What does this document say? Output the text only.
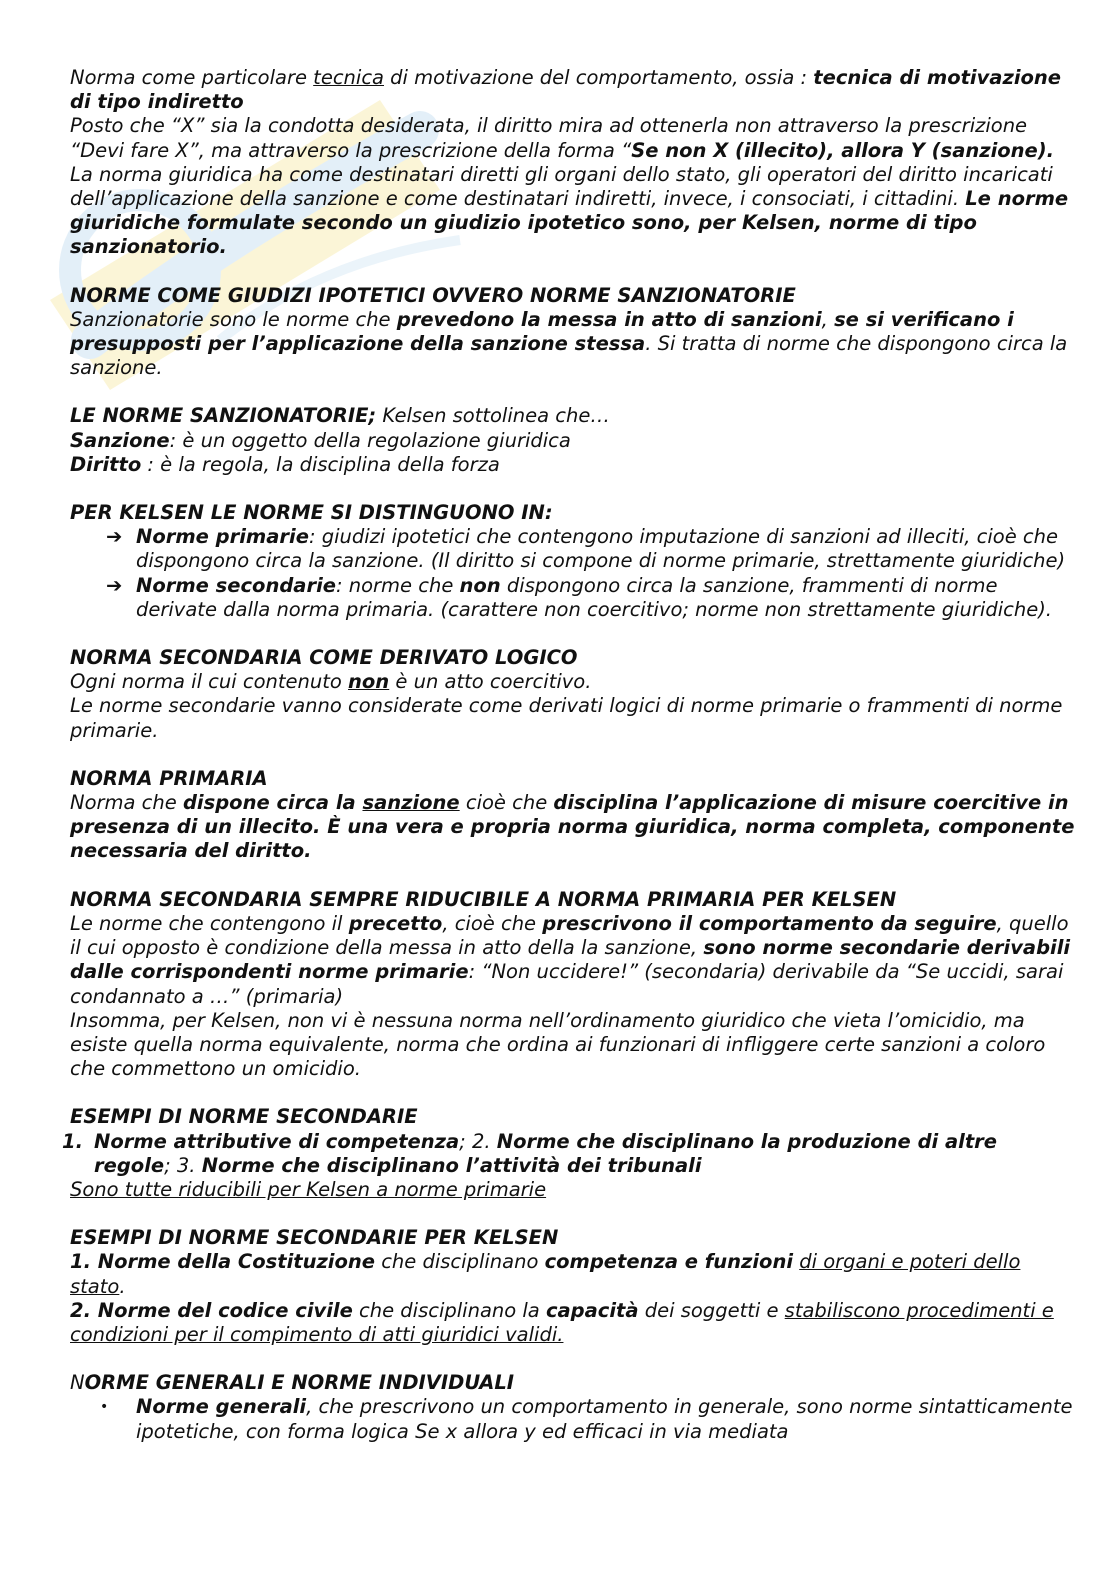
Norma come particolare tecnica di motivazione del comportamento, ossia : tecnica di motivazione di tipo indiretto

Posto che “X” sia la condotta desiderata, il diritto mira ad ottenerla non attraverso la prescrizione “Devi fare X”, ma attraverso la prescrizione della forma “Se non X (illecito), allora Y (sanzione).

La norma giuridica ha come destinatari diretti gli organi dello stato, gli operatori del diritto incaricati dell’applicazione della sanzione e come destinatari indiretti, invece, i consociati, i cittadini. Le norme giuridiche formulate secondo un giudizio ipotetico sono, per Kelsen, norme di tipo sanzionatorio.

NORME COME GIUDIZI IPOTETICI OVVERO NORME SANZIONATORIE

Sanzionatorie sono le norme che prevedono la messa in atto di sanzioni, se si verificano i presupposti per l’applicazione della sanzione stessa. Si tratta di norme che dispongono circa la sanzione.

LE NORME SANZIONATORIE; Kelsen sottolinea che…

Sanzione: è un oggetto della regolazione giuridica

Diritto : è la regola, la disciplina della forza

PER KELSEN LE NORME SI DISTINGUONO IN:

➔ Norme primarie: giudizi ipotetici che contengono imputazione di sanzioni ad illeciti, cioè che dispongono circa la sanzione. (Il diritto si compone di norme primarie, strettamente giuridiche)
➔ Norme secondarie: norme che non dispongono circa la sanzione, frammenti di norme derivate dalla norma primaria. (carattere non coercitivo; norme non strettamente giuridiche).

NORMA SECONDARIA COME DERIVATO LOGICO

Ogni norma il cui contenuto non è un atto coercitivo.

Le norme secondarie vanno considerate come derivati logici di norme primarie o frammenti di norme primarie.

NORMA PRIMARIA

Norma che dispone circa la sanzione cioè che disciplina l’applicazione di misure coercitive in presenza di un illecito. È una vera e propria norma giuridica, norma completa, componente necessaria del diritto.

NORMA SECONDARIA SEMPRE RIDUCIBILE A NORMA PRIMARIA PER KELSEN

Le norme che contengono il precetto, cioè che prescrivono il comportamento da seguire, quello il cui opposto è condizione della messa in atto della la sanzione, sono norme secondarie derivabili dalle corrispondenti norme primarie: “Non uccidere!” (secondaria) derivabile da “Se uccidi, sarai condannato a …” (primaria)

Insomma, per Kelsen, non vi è nessuna norma nell’ordinamento giuridico che vieta l’omicidio, ma esiste quella norma equivalente, norma che ordina ai funzionari di infliggere certe sanzioni a coloro che commettono un omicidio.

ESEMPI DI NORME SECONDARIE

1. Norme attributive di competenza; 2. Norme che disciplinano la produzione di altre regole; 3. Norme che disciplinano l’attività dei tribunali

Sono tutte riducibili per Kelsen a norme primarie

ESEMPI DI NORME SECONDARIE PER KELSEN

1. Norme della Costituzione che disciplinano competenza e funzioni di organi e poteri dello stato.

2. Norme del codice civile che disciplinano la capacità dei soggetti e stabiliscono procedimenti e condizioni per il compimento di atti giuridici validi.

NORME GENERALI E NORME INDIVIDUALI

• Norme generali, che prescrivono un comportamento in generale, sono norme sintatticamente ipotetiche, con forma logica Se x allora y ed efficaci in via mediata
